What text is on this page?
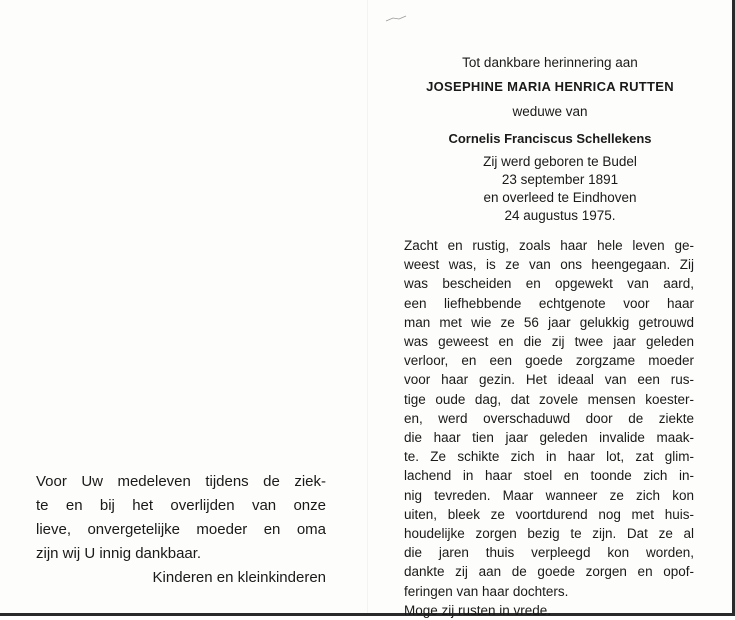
Tot dankbare herinnering aan
JOSEPHINE MARIA HENRICA RUTTEN
weduwe van
Cornelis Franciscus Schellekens
Zij werd geboren te Budel
23 september 1891
en overleed te Eindhoven
24 augustus 1975.
Zacht en rustig, zoals haar hele leven ge-
weest was, is ze van ons heengegaan. Zij
was bescheiden en opgewekt van aard,
een liefhebbende echtgenote voor haar
man met wie ze 56 jaar gelukkig getrouwd
was geweest en die zij twee jaar geleden
verloor, en een goede zorgzame moeder
voor haar gezin. Het ideaal van een rus-
tige oude dag, dat zovele mensen koester-
en, werd overschaduwd door de ziekte
die haar tien jaar geleden invalide maak-
te. Ze schikte zich in haar lot, zat glim-
lachend in haar stoel en toonde zich in-
nig tevreden. Maar wanneer ze zich kon
uiten, bleek ze voortdurend nog met huis-
houdelijke zorgen bezig te zijn. Dat ze al
die jaren thuis verpleegd kon worden,
dankte zij aan de goede zorgen en opof-
feringen van haar dochters.
Moge zij rusten in vrede.
Voor Uw medeleven tijdens de ziek-
te en bij het overlijden van onze
lieve, onvergetelijke moeder en oma
zijn wij U innig dankbaar.
Kinderen en kleinkinderen
